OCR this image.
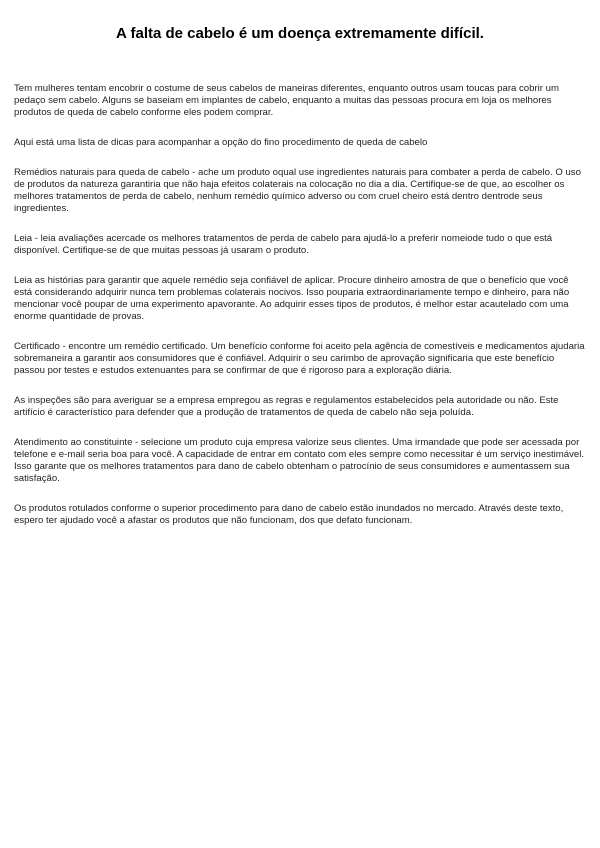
A falta de cabelo é um doença extremamente difícil.

Tem mulheres tentam encobrir o costume de seus cabelos de maneiras diferentes, enquanto outros usam toucas para cobrir um pedaço sem cabelo. Alguns se baseiam em implantes de cabelo, enquanto a muitas das pessoas procura em loja os melhores produtos de queda de cabelo conforme eles podem comprar.

Aqui está uma lista de dicas para acompanhar a opção do fino procedimento de queda de cabelo

Remédios naturais para queda de cabelo - ache um produto oqual use ingredientes naturais para combater a perda de cabelo. O uso de produtos da natureza garantiria que não haja efeitos colaterais na colocação no dia a dia. Certifique-se de que, ao escolher os melhores tratamentos de perda de cabelo, nenhum remédio químico adverso ou com cruel cheiro está dentro dentrode seus ingredientes.

Leia - leia avaliações acercade os melhores tratamentos de perda de cabelo para ajudá-lo a preferir nomeiode tudo o que está disponível. Certifique-se de que muitas pessoas já usaram o produto.

Leia as histórias para garantir que aquele remédio seja confiável de aplicar. Procure dinheiro amostra de que o benefício que você está considerando adquirir nunca tem problemas colaterais nocivos. Isso pouparia extraordinariamente tempo e dinheiro, para não mencionar você poupar de uma experimento apavorante. Ao adquirir esses tipos de produtos, é melhor estar acautelado com uma enorme quantidade de provas.

Certificado - encontre um remédio certificado. Um benefício conforme foi aceito pela agência de comestíveis e medicamentos ajudaria sobremaneira a garantir aos consumidores que é confiável. Adquirir o seu carimbo de aprovação significaria que este benefício passou por testes e estudos extenuantes para se confirmar de que é rigoroso para a exploração diária.

As inspeções são para averiguar se a empresa empregou as regras e regulamentos estabelecidos pela autoridade ou não. Este artifício é característico para defender que a produção de tratamentos de queda de cabelo não seja poluída.

Atendimento ao constituinte - selecione um produto cuja empresa valorize seus clientes. Uma irmandade que pode ser acessada por telefone e e-mail seria boa para você. A capacidade de entrar em contato com eles sempre como necessitar é um serviço inestimável. Isso garante que os melhores tratamentos para dano de cabelo obtenham o patrocínio de seus consumidores e aumentassem sua satisfação.

Os produtos rotulados conforme o superior procedimento para dano de cabelo estão inundados no mercado. Através deste texto, espero ter ajudado você a afastar os produtos que não funcionam, dos que defato funcionam.
